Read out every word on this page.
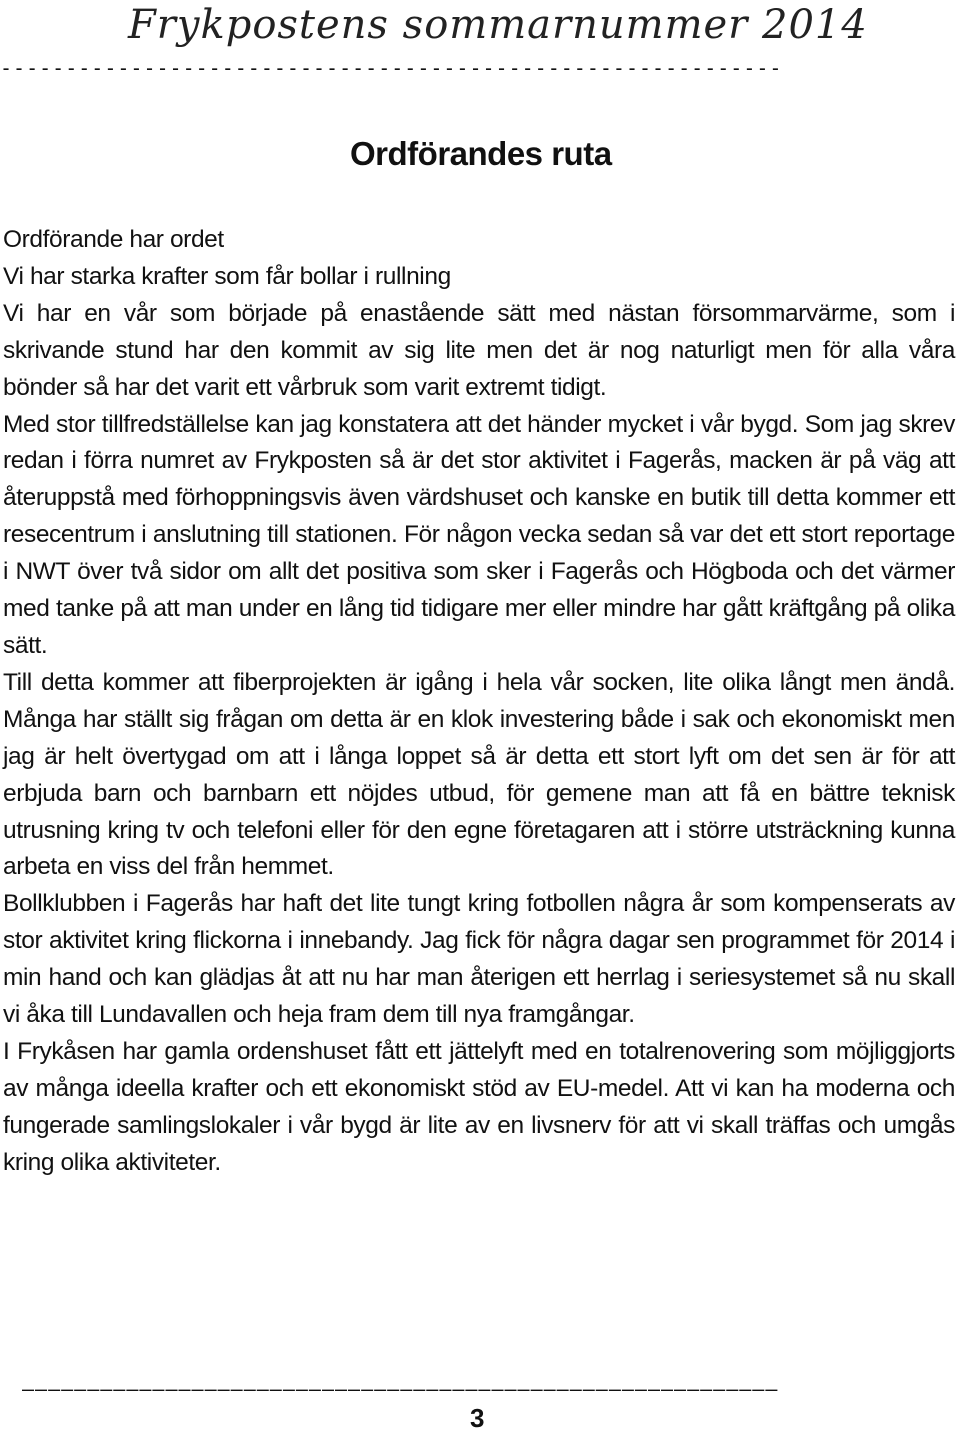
Frykpostens sommarnummer 2014
------------------------------------------------------------
Ordförandes ruta
Ordförande har ordet
Vi har starka krafter som får bollar i rullning

Vi har en vår som började på enastående sätt med nästan försommarvärme, som i skrivande stund har den kommit av sig lite men det är nog naturligt men för alla våra bönder så har det varit ett vårbruk som varit extremt tidigt.

Med stor tillfredställelse kan jag konstatera att det händer mycket i vår bygd. Som jag skrev redan i förra numret av Frykposten så är det stor aktivitet i Fagerås, macken är på väg att återuppstå med förhoppningsvis även värdshuset och kanske en butik till detta kommer ett resecentrum i anslutning till stationen. För någon vecka sedan så var det ett stort reportage i NWT över två sidor om allt det positiva som sker i Fagerås och Högboda och det värmer med tanke på att man under en lång tid tidigare mer eller mindre har gått kräftgång på olika sätt.

Till detta kommer att fiberprojekten är igång i hela vår socken, lite olika långt men ändå. Många har ställt sig frågan om detta är en klok investering både i sak och ekonomiskt men jag är helt övertygad om att i långa loppet så är detta ett stort lyft om det sen är för att erbjuda barn och barnbarn ett nöjdes utbud, för gemene man att få en bättre teknisk utrusning kring tv och telefoni eller för den egne företagaren att i större utsträckning kunna arbeta en viss del från hemmet.

Bollklubben i Fagerås har haft det lite tungt kring fotbollen några år som kompenserats av stor aktivitet kring flickorna i innebandy. Jag fick för några dagar sen programmet för 2014 i min hand och kan glädjas åt att nu har man återigen ett herrlag i seriesystemet så nu skall vi åka till Lundavallen och heja fram dem till nya framgångar.

I Frykåsen har gamla ordenshuset fått ett jättelyft med en totalrenovering som möjliggjorts av många ideella krafter och ett ekonomiskt stöd av EU-medel. Att vi kan ha moderna och fungerade samlingslokaler i vår bygd är lite av en livsnerv för att vi skall träffas och umgås kring olika aktiviteter.

––––––––––––––––––––––––––––––––––––––––––––––––––––––––––
3
